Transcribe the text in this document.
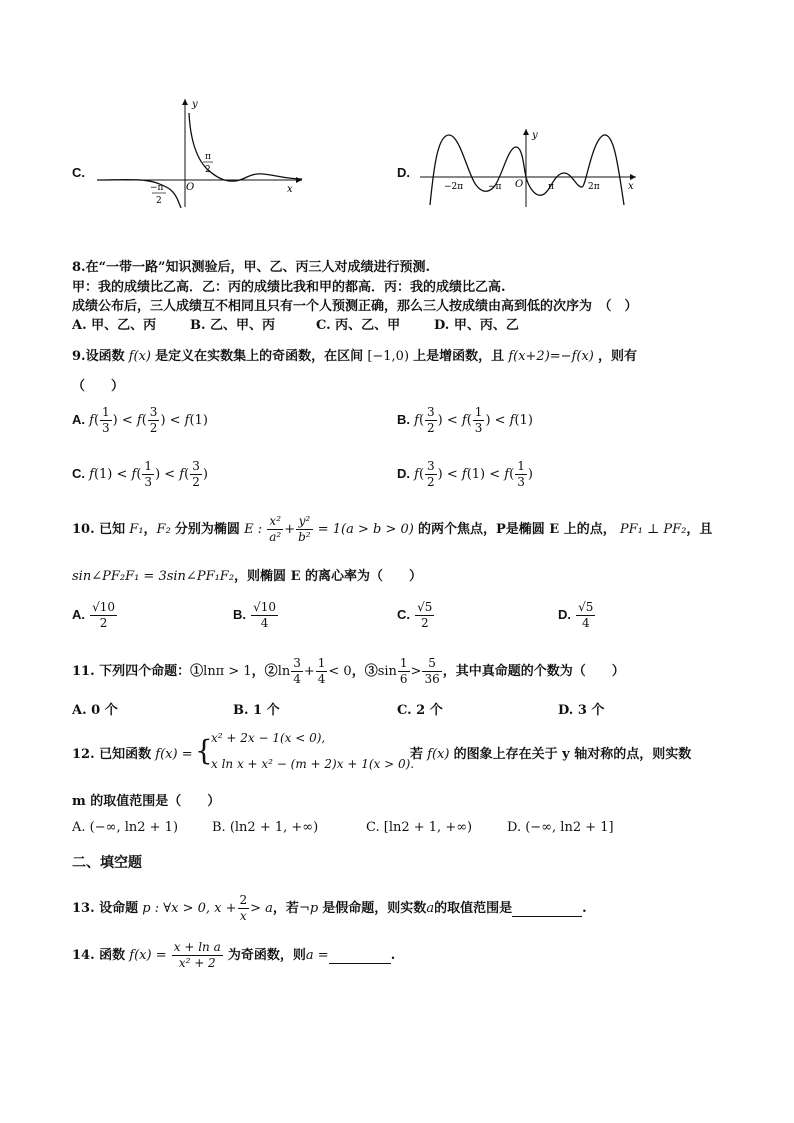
C.
y
x
O
π
2
−π
2
D.
y
x
O
−2π	−π	π	2π
8.在“一带一路”知识测验后，甲、乙、丙三人对成绩进行预测.
甲：我的成绩比乙高．乙：丙的成绩比我和甲的都高．丙：我的成绩比乙高.
成绩公布后，三人成绩互不相同且只有一个人预测正确，那么三人按成绩由高到低的次序为　（　）
A. 甲、乙、丙	B. 乙、甲、丙	C. 丙、乙、甲	D. 甲、丙、乙
9.设函数 f(x) 是定义在实数集上的奇函数，在区间 [−1,0) 上是增函数，且 f(x+2)=−f(x) ，则有
（　　）
A. $f( \frac{1}{3}$ ) < $f( \frac{3}{2}$ ) < f(1)	B. $f( \frac{3}{2}$ ) < $f( \frac{1}{3}$ ) < f(1)
C. $f(1) < f( \frac{1}{3}$ ) < $f( \frac{3}{2}$ )	D. $f( \frac{3}{2}$ ) < $f(1) < f( \frac{1}{3}$ )
10. 已知 F₁，F₂ 分别为椭圆 E : $\frac{\text{x²}}{\text{a²}} + \frac{\text{y²}}{\text{b²}} = 1(a > b > 0)$ 的两个焦点，P是椭圆 E 上的点， PF₁ ⊥ PF₂，且
sin∠PF₂F₁ = 3sin∠PF₁F₂，则椭圆 E 的离心率为（　　）
A. $\frac{√10}{2}$	B. $\frac{√10}{4}$	C. $\frac{√5}{2}$	D. $\frac{√5}{4}$
11. 下列四个命题：①lnπ > 1，②ln $\frac{3}{4} + \frac{1}{4} < 0$，③sin $\frac{1}{6} > \frac{5}{36}$ ，其中真命题的个数为（　　）
A. 0 个	B. 1 个	C. 2 个	D. 3 个
12. 已知函数 f(x) = {
x² + 2x − 1(x < 0),
x ln x + x² − (m + 2)x + 1(x > 0).
若 f(x) 的图象上存在关于 y 轴对称的点，则实数
m 的取值范围是（　　）
A. (−∞, ln2 + 1)	B. (ln2 + 1, +∞)	C. [ln2 + 1, +∞)	D. (−∞, ln2 + 1]
二、填空题
13. 设命题 p : ∀x > 0, $x + \frac{2}{x} > a$，若¬p 是假命题，则实数a的取值范围是	.
14. 函数 $f(x) = \frac{\text{x + ln a}}{\text{x² + 2}}$ 为奇函数，则a =	.
